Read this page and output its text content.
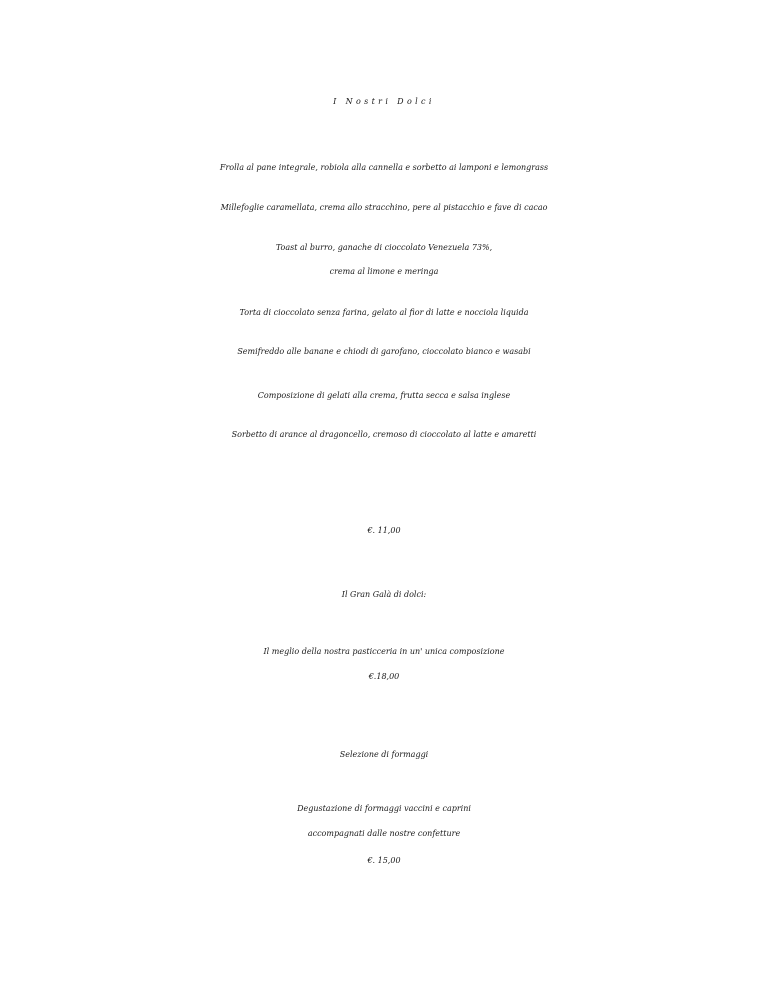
I Nostri Dolci

Frolla al pane integrale, robiola alla cannella e sorbetto ai lamponi e lemongrass

Millefoglie caramellata, crema allo stracchino, pere al pistacchio e fave di cacao

Toast al burro, ganache di cioccolato Venezuela 73%,

crema al limone e meringa

Torta di cioccolato senza farina, gelato al fior di latte e nocciola liquida

Semifreddo alle banane e chiodi di garofano, cioccolato bianco e wasabi

Composizione di gelati alla crema, frutta secca e salsa inglese

Sorbetto di arance al dragoncello, cremoso di cioccolato al latte e amaretti

€. 11,00

Il Gran Galà di dolci:

Il meglio della nostra pasticceria in un' unica composizione

€.18,00

Selezione di formaggi

Degustazione di formaggi vaccini e caprini

accompagnati dalle nostre confetture

€. 15,00
